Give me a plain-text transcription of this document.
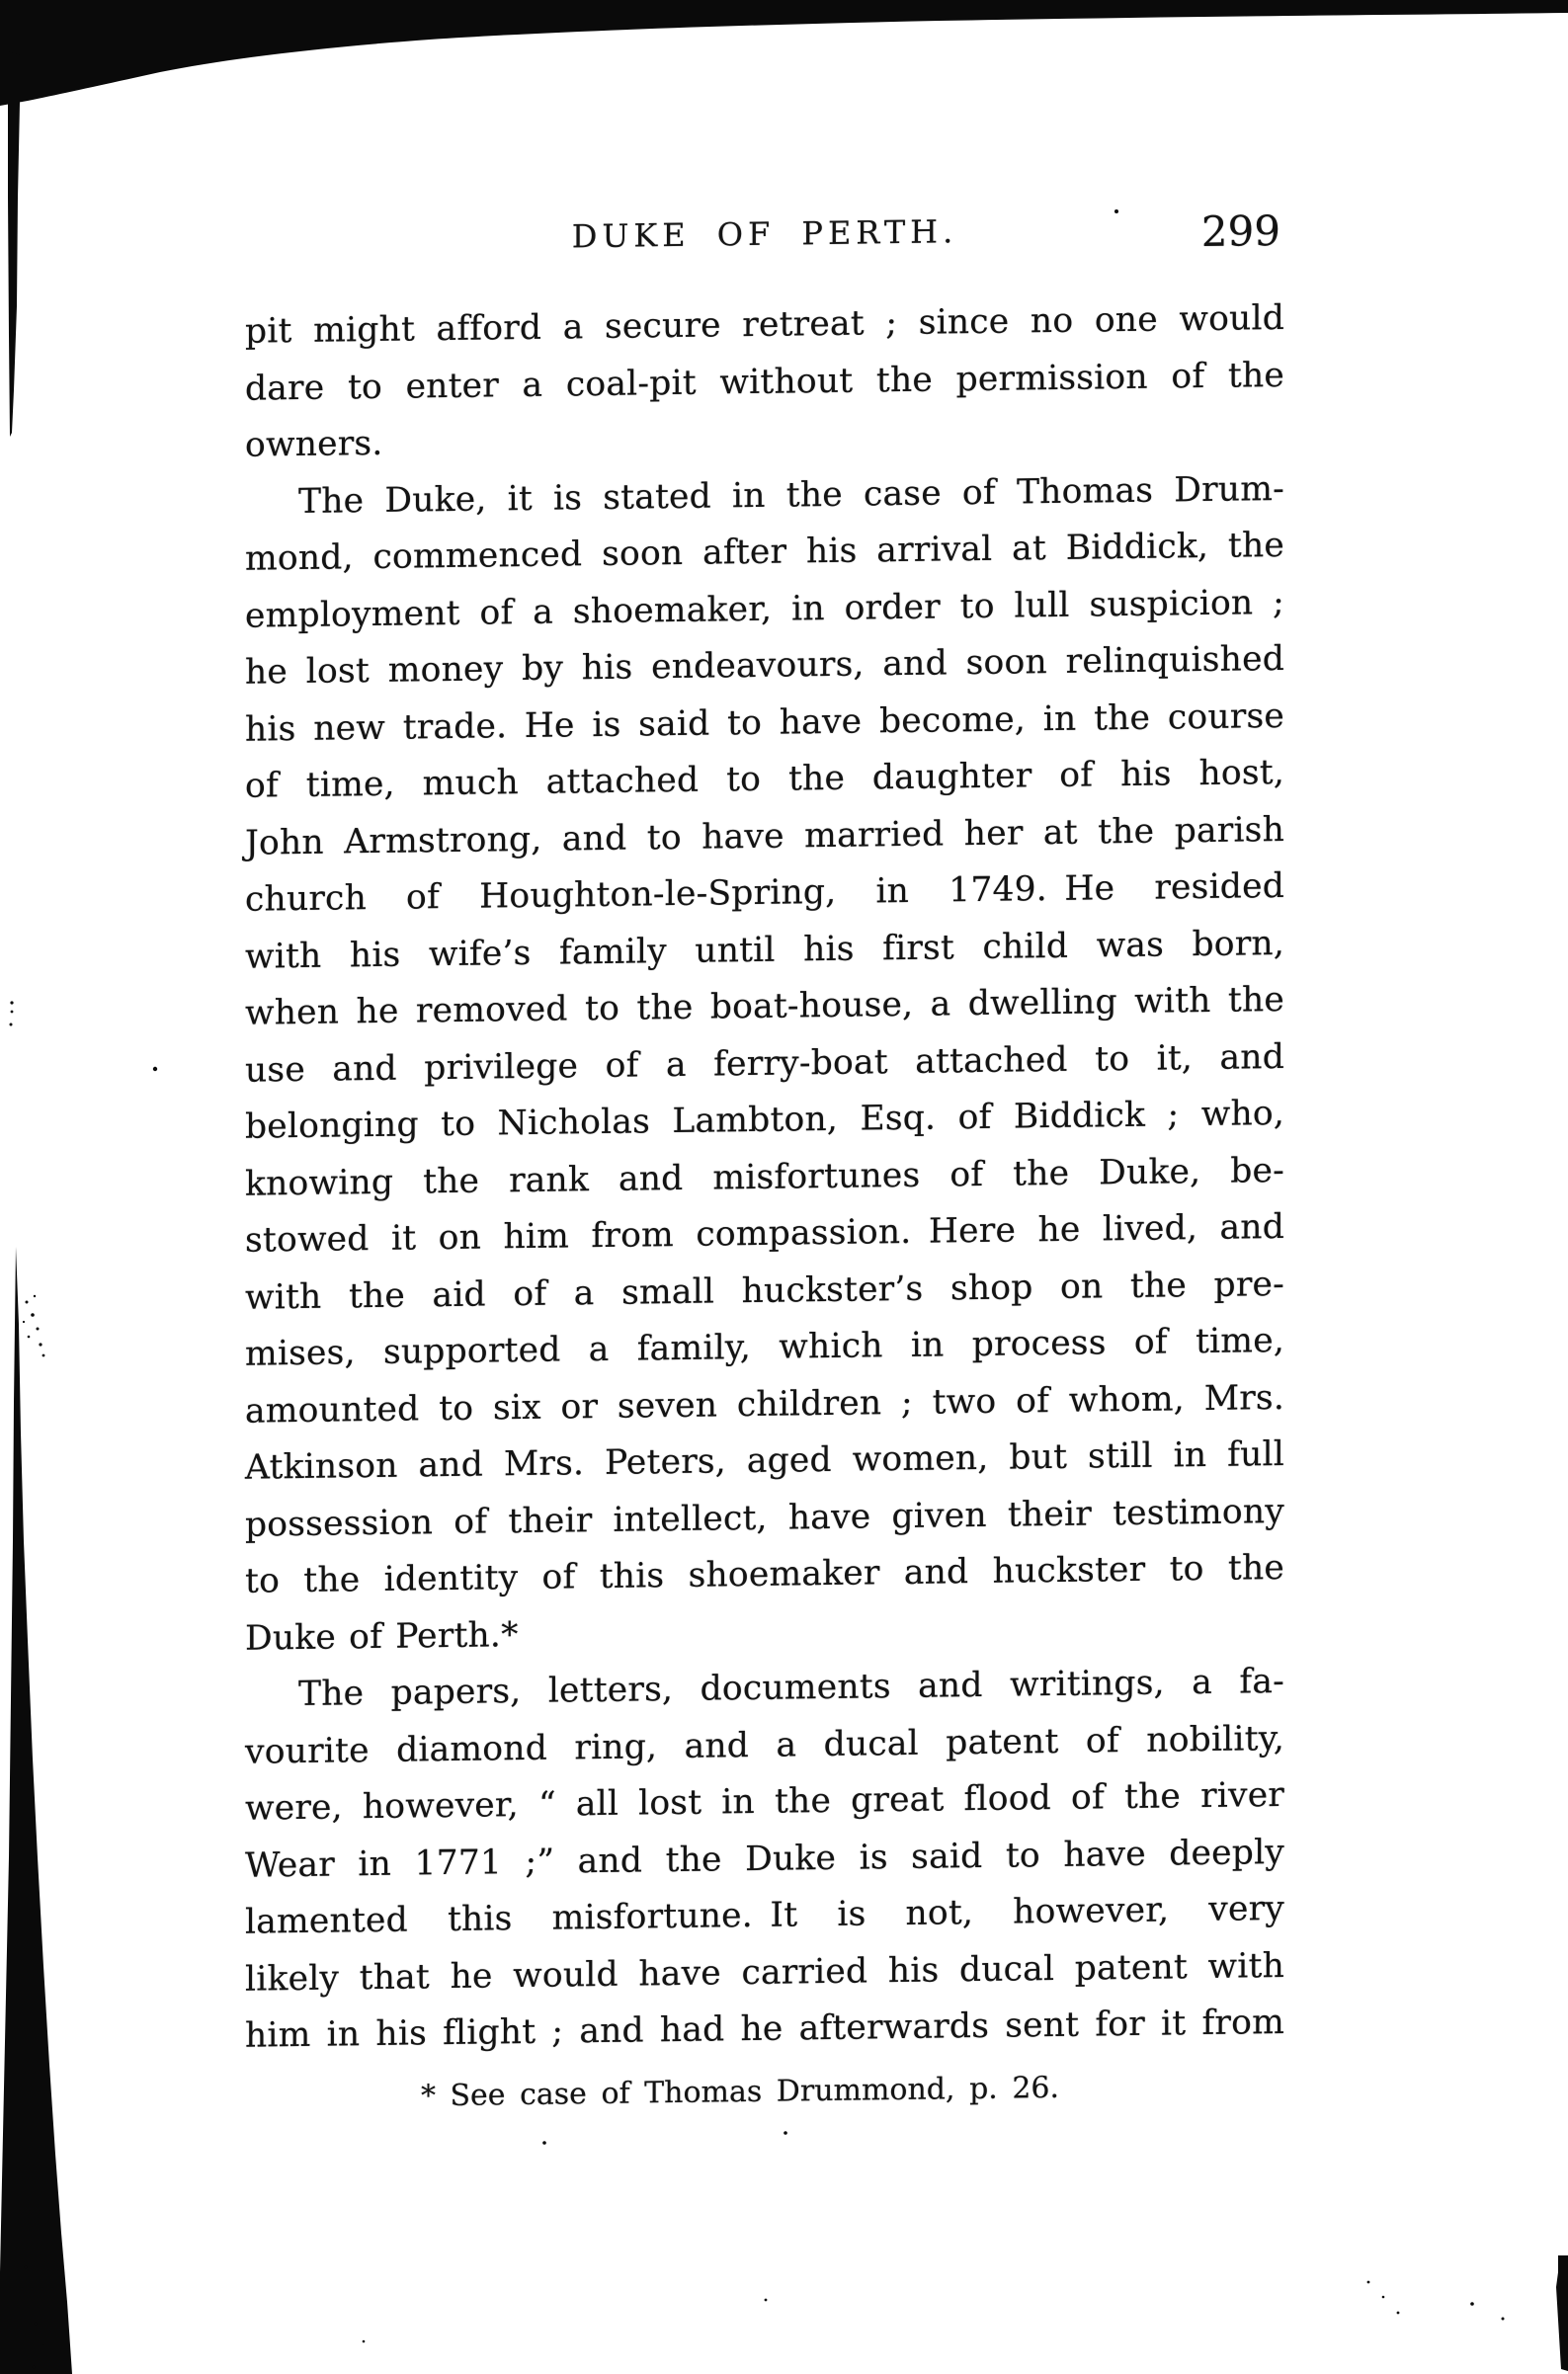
DUKE OF PERTH.	299
pit might afford a secure retreat ; since no one would
dare to enter a coal-pit without the permission of the
owners.
The Duke, it is stated in the case of Thomas Drum-
mond, commenced soon after his arrival at Biddick, the
employment of a shoemaker, in order to lull suspicion ;
he lost money by his endeavours, and soon relinquished
his new trade. He is said to have become, in the course
of time, much attached to the daughter of his host,
John Armstrong, and to have married her at the parish
church of Houghton-le-Spring, in 1749. He resided
with his wife’s family until his first child was born,
when he removed to the boat-house, a dwelling with the
use and privilege of a ferry-boat attached to it, and
belonging to Nicholas Lambton, Esq. of Biddick ; who,
knowing the rank and misfortunes of the Duke, be-
stowed it on him from compassion. Here he lived, and
with the aid of a small huckster’s shop on the pre-
mises, supported a family, which in process of time,
amounted to six or seven children ; two of whom, Mrs.
Atkinson and Mrs. Peters, aged women, but still in full
possession of their intellect, have given their testimony
to the identity of this shoemaker and huckster to the
Duke of Perth.*
The papers, letters, documents and writings, a fa-
vourite diamond ring, and a ducal patent of nobility,
were, however, “ all lost in the great flood of the river
Wear in 1771 ;” and the Duke is said to have deeply
lamented this misfortune. It is not, however, very
likely that he would have carried his ducal patent with
him in his flight ; and had he afterwards sent for it from
* See case of Thomas Drummond, p. 26.
